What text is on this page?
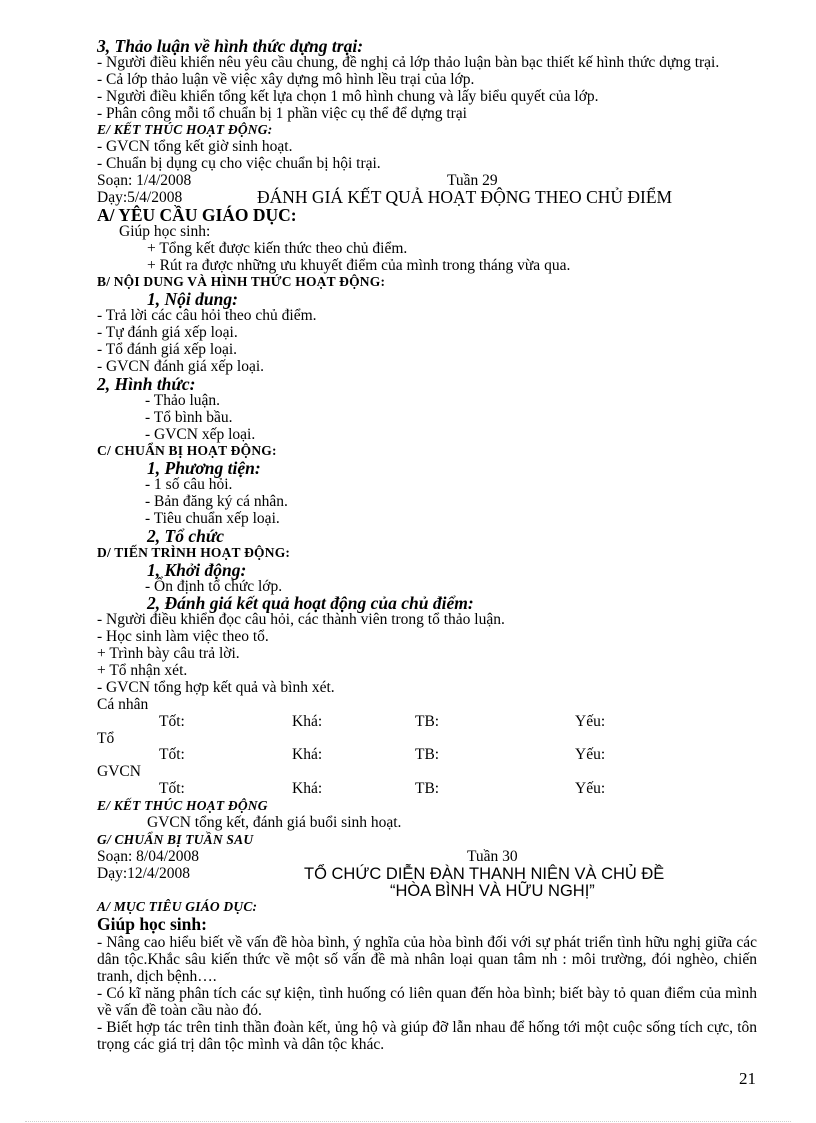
3, Thảo luận về hình thức dựng trại:
- Người điều khiển nêu yêu cầu chung, đề nghị cả lớp thảo luận bàn bạc thiết kế hình thức dựng trại.
- Cả lớp thảo luận về việc xây dựng mô hình lều trại của lớp.
- Người điều khiển tổng kết lựa chọn 1 mô hình chung và lấy biểu quyết của lớp.
- Phân công mỗi tổ chuẩn bị 1 phần việc cụ thể để dựng trại
E/ KẾT THÚC HOẠT ĐỘNG:
- GVCN tổng kết giờ sinh hoạt.
- Chuẩn bị dụng cụ cho việc chuẩn bị hội trại.
Soạn: 1/4/2008	Tuần 29
Dạy:5/4/2008	ĐÁNH GIÁ KẾT QUẢ HOẠT ĐỘNG THEO CHỦ ĐIỂM
A/ YÊU CẦU GIÁO DỤC:
Giúp học sinh:
+ Tổng kết được kiến thức theo chủ điểm.
+ Rút ra được những ưu khuyết điểm của mình trong tháng vừa qua.
B/ NỘI DUNG VÀ HÌNH THỨC HOẠT ĐỘNG:
1, Nội dung:
- Trả lời các câu hỏi theo chủ điểm.
- Tự đánh giá xếp loại.
- Tổ đánh giá xếp loại.
- GVCN đánh giá xếp loại.
2, Hình thức:
- Thảo luận.
- Tổ bình bầu.
- GVCN xếp loại.
C/ CHUẨN BỊ HOẠT ĐỘNG:
1, Phương tiện:
- 1 số câu hỏi.
- Bản đăng ký cá nhân.
- Tiêu chuẩn xếp loại.
2, Tổ chức
D/ TIẾN TRÌNH HOẠT ĐỘNG:
1, Khởi động:
- Ổn định tổ chức lớp.
2, Đánh giá kết quả hoạt động của chủ điểm:
- Người điều khiển đọc câu hỏi, các thành viên trong tổ thảo luận.
- Học sinh làm việc theo tổ.
+ Trình bày câu trả lời.
+ Tổ nhận xét.
- GVCN tổng hợp kết quả và bình xét.
Cá nhân
Tốt:	Khá:	TB:	Yếu:
Tổ
Tốt:	Khá:	TB:	Yếu:
GVCN
Tốt:	Khá:	TB:	Yếu:
E/ KẾT THÚC HOẠT ĐỘNG
GVCN tổng kết, đánh giá buổi sinh hoạt.
G/ CHUẨN BỊ TUẦN SAU
Soạn: 8/04/2008	Tuần 30
Dạy:12/4/2008	TỔ CHỨC DIỄN ĐÀN THANH NIÊN VÀ CHỦ ĐỀ
“HÒA BÌNH VÀ HỮU NGHỊ”
A/ MỤC TIÊU GIÁO DỤC:
Giúp học sinh:
- Nâng cao hiểu biết về vấn đề hòa bình, ý nghĩa của hòa bình đối với sự phát triển tình hữu nghị giữa các dân tộc.Khắc sâu kiến thức về một số vấn đề mà nhân loại quan tâm nh : môi trường, đói nghèo, chiến tranh, dịch bệnh….
- Có kĩ năng phân tích các sự kiện, tình huống có liên quan đến hòa bình; biết bày tỏ quan điểm của mình về vấn đề toàn cầu nào đó.
- Biết hợp tác trên tinh thần đoàn kết, ủng hộ và giúp đỡ lẫn nhau để hống tới một cuộc sống tích cực, tôn trọng các giá trị dân tộc mình và dân tộc khác.
21
